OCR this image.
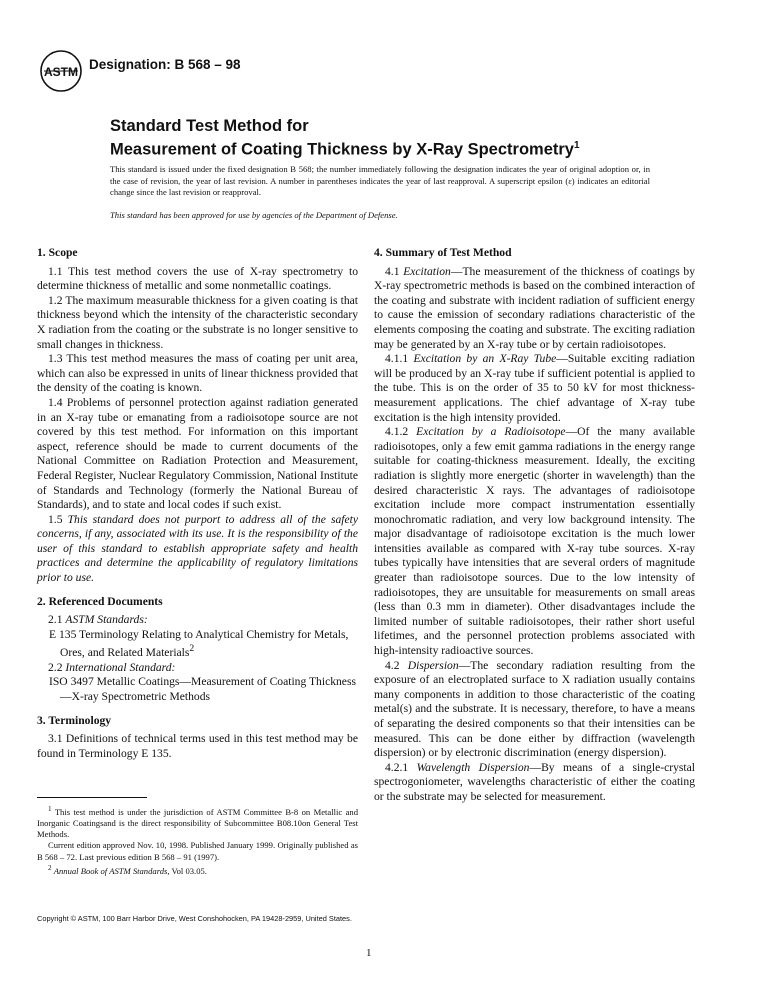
ASTM Designation: B 568 – 98
Standard Test Method for
Measurement of Coating Thickness by X-Ray Spectrometry$^1$
This standard is issued under the fixed designation B 568; the number immediately following the designation indicates the year of original adoption or, in the case of revision, the year of last revision. A number in parentheses indicates the year of last reapproval. A superscript epsilon (ε) indicates an editorial change since the last revision or reapproval.
This standard has been approved for use by agencies of the Department of Defense.
1. Scope

1.1 This test method covers the use of X-ray spectrometry to determine thickness of metallic and some nonmetallic coatings.

1.2 The maximum measurable thickness for a given coating is that thickness beyond which the intensity of the characteristic secondary X radiation from the coating or the substrate is no longer sensitive to small changes in thickness.

1.3 This test method measures the mass of coating per unit area, which can also be expressed in units of linear thickness provided that the density of the coating is known.

1.4 Problems of personnel protection against radiation generated in an X-ray tube or emanating from a radioisotope source are not covered by this test method. For information on this important aspect, reference should be made to current documents of the National Committee on Radiation Protection and Measurement, Federal Register, Nuclear Regulatory Commission, National Institute of Standards and Technology (formerly the National Bureau of Standards), and to state and local codes if such exist.

1.5 This standard does not purport to address all of the safety concerns, if any, associated with its use. It is the responsibility of the user of this standard to establish appropriate safety and health practices and determine the applicability of regulatory limitations prior to use.

2. Referenced Documents
2.1 ASTM Standards:
E 135 Terminology Relating to Analytical Chemistry for Metals, Ores, and Related Materials$^2$
2.2 International Standard:
ISO 3497 Metallic Coatings—Measurement of Coating Thickness—X-ray Spectrometric Methods
3. Terminology

3.1 Definitions of technical terms used in this test method may be found in Terminology E 135.

$^1$ This test method is under the jurisdiction of ASTM Committee B-8 on Metallic and Inorganic Coatingsand is the direct responsibility of Subcommittee B08.10on General Test Methods.

Current edition approved Nov. 10, 1998. Published January 1999. Originally published as B 568 – 72. Last previous edition B 568 – 91 (1997).

$^2$ Annual Book of ASTM Standards, Vol 03.05.

4. Summary of Test Method

4.1 Excitation—The measurement of the thickness of coatings by X-ray spectrometric methods is based on the combined interaction of the coating and substrate with incident radiation of sufficient energy to cause the emission of secondary radiations characteristic of the elements composing the coating and substrate. The exciting radiation may be generated by an X-ray tube or by certain radioisotopes.

4.1.1 Excitation by an X-Ray Tube—Suitable exciting radiation will be produced by an X-ray tube if sufficient potential is applied to the tube. This is on the order of 35 to 50 kV for most thickness-measurement applications. The chief advantage of X-ray tube excitation is the high intensity provided.

4.1.2 Excitation by a Radioisotope—Of the many available radioisotopes, only a few emit gamma radiations in the energy range suitable for coating-thickness measurement. Ideally, the exciting radiation is slightly more energetic (shorter in wavelength) than the desired characteristic X rays. The advantages of radioisotope excitation include more compact instrumentation essentially monochromatic radiation, and very low background intensity. The major disadvantage of radioisotope excitation is the much lower intensities available as compared with X-ray tube sources. X-ray tubes typically have intensities that are several orders of magnitude greater than radioisotope sources. Due to the low intensity of radioisotopes, they are unsuitable for measurements on small areas (less than 0.3 mm in diameter). Other disadvantages include the limited number of suitable radioisotopes, their rather short useful lifetimes, and the personnel protection problems associated with high-intensity radioactive sources.

4.2 Dispersion—The secondary radiation resulting from the exposure of an electroplated surface to X radiation usually contains many components in addition to those characteristic of the coating metal(s) and the substrate. It is necessary, therefore, to have a means of separating the desired components so that their intensities can be measured. This can be done either by diffraction (wavelength dispersion) or by electronic discrimination (energy dispersion).

4.2.1 Wavelength Dispersion—By means of a single-crystal spectrogoniometer, wavelengths characteristic of either the coating or the substrate may be selected for measurement.

Copyright © ASTM, 100 Barr Harbor Drive, West Conshohocken, PA 19428-2959, United States.
1
